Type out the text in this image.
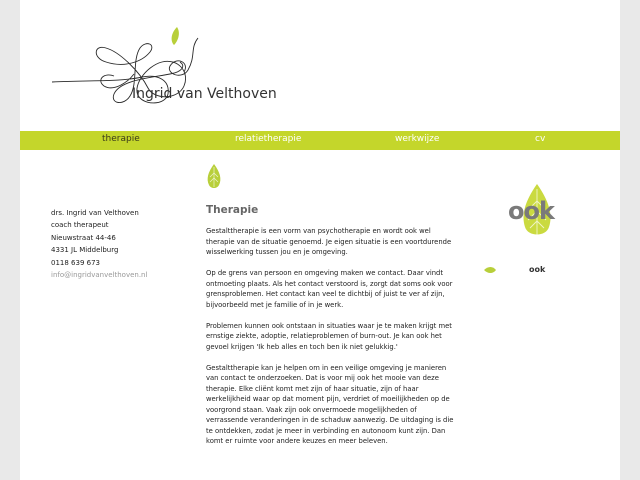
Ingrid van Velthoven
therapie	relatietherapie	werkwijze	cv
drs. Ingrid van Velthoven
coach therapeut
Nieuwstraat 44-46
4331 JL Middelburg
0118 639 673
info@ingridvanvelthoven.nl
Therapie

Gestalttherapie is een vorm van psychotherapie en wordt ook wel therapie van de situatie genoemd. Je eigen situatie is een voortdurende wisselwerking tussen jou en je omgeving.

Op de grens van persoon en omgeving maken we contact. Daar vindt ontmoeting plaats. Als het contact verstoord is, zorgt dat soms ook voor grensproblemen. Het contact kan veel te dichtbij of juist te ver af zijn, bijvoorbeeld met je familie of in je werk.

Problemen kunnen ook ontstaan in situaties waar je te maken krijgt met ernstige ziekte, adoptie, relatieproblemen of burn-out. Je kan ook het gevoel krijgen 'Ik heb alles en toch ben ik niet gelukkig.'

Gestalttherapie kan je helpen om in een veilige omgeving je manieren van contact te onderzoeken. Dat is voor mij ook het mooie van deze therapie. Elke cliënt komt met zijn of haar situatie, zijn of haar werkelijkheid waar op dat moment pijn, verdriet of moeilijkheden op de voorgrond staan. Vaak zijn ook onvermoede mogelijkheden of verrassende veranderingen in de schaduw aanwezig. De uitdaging is die te ontdekken, zodat je meer in verbinding en autonoom kunt zijn. Dan komt er ruimte voor andere keuzes en meer beleven.

ook
ook
